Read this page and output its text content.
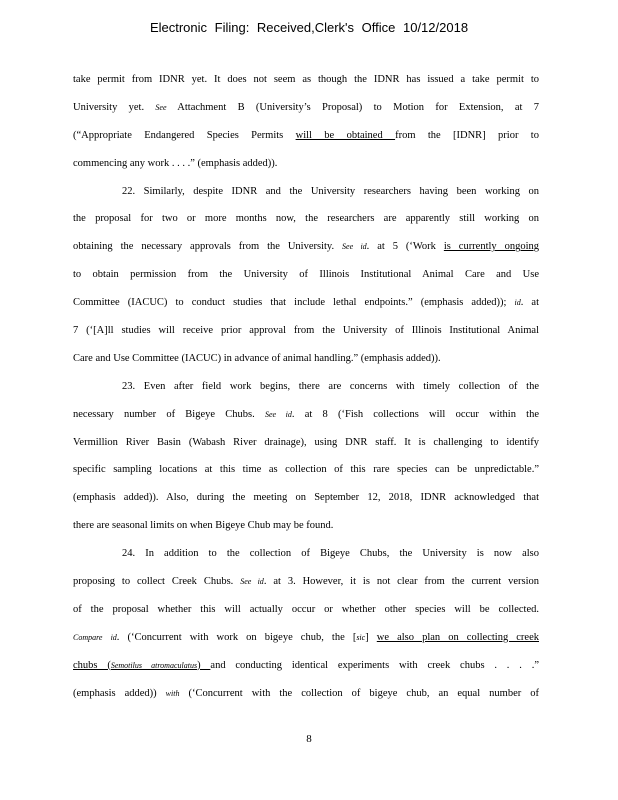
Electronic Filing: Received,Clerk's Office 10/12/2018
take permit from IDNR yet. It does not seem as though the IDNR has issued a take permit to
University yet. See Attachment B (University’s Proposal) to Motion for Extension, at 7
(“Appropriate Endangered Species Permits will be obtained from the [IDNR] prior to
commencing any work . . . .” (emphasis added)).
22. Similarly, despite IDNR and the University researchers having been working on
the proposal for two or more months now, the researchers are apparently still working on
obtaining the necessary approvals from the University. See id. at 5 (‘Work is currently ongoing
to obtain permission from the University of Illinois Institutional Animal Care and Use
Committee (IACUC) to conduct studies that include lethal endpoints.” (emphasis added)); id. at
7 (‘[A]ll studies will receive prior approval from the University of Illinois Institutional Animal
Care and Use Committee (IACUC) in advance of animal handling.” (emphasis added)).
23. Even after field work begins, there are concerns with timely collection of the
necessary number of Bigeye Chubs. See id. at 8 (‘Fish collections will occur within the
Vermillion River Basin (Wabash River drainage), using DNR staff. It is challenging to identify
specific sampling locations at this time as collection of this rare species can be unpredictable.”
(emphasis added)). Also, during the meeting on September 12, 2018, IDNR acknowledged that
there are seasonal limits on when Bigeye Chub may be found.
24. In addition to the collection of Bigeye Chubs, the University is now also
proposing to collect Creek Chubs. See id. at 3. However, it is not clear from the current version
of the proposal whether this will actually occur or whether other species will be collected.
Compare id. (‘Concurrent with work on bigeye chub, the [sic] we also plan on collecting creek
chubs (Semotilus atromaculatus) and conducting identical experiments with creek chubs . . . .”
(emphasis added)) with (‘Concurrent with the collection of bigeye chub, an equal number of
8
